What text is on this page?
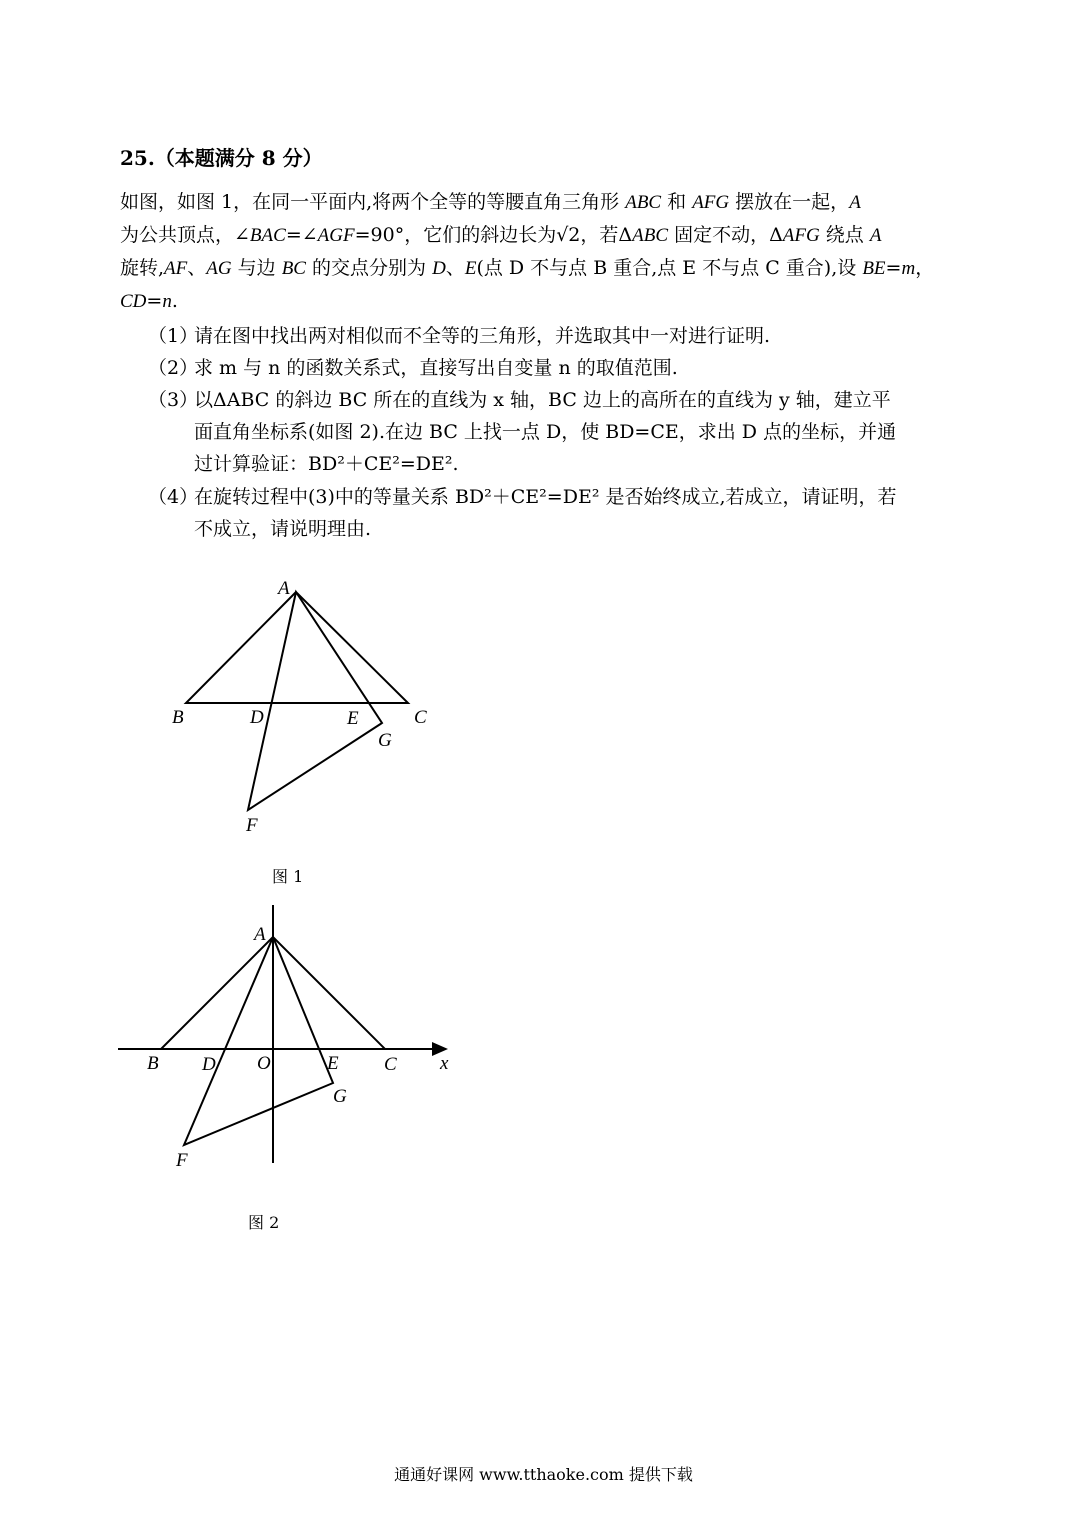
25.（本题满分 8 分）
如图，如图 1，在同一平面内,将两个全等的等腰直角三角形 ABC 和 AFG 摆放在一起，A
为公共顶点，∠BAC=∠AGF=90°，它们的斜边长为√2，若ΔABC 固定不动，ΔAFG 绕点 A
旋转,AF、AG 与边 BC 的交点分别为 D、E(点 D 不与点 B 重合,点 E 不与点 C 重合),设 BE=m，
CD=n.
（1）请在图中找出两对相似而不全等的三角形，并选取其中一对进行证明.
（2）求 m 与 n 的函数关系式，直接写出自变量 n 的取值范围.
（3）以ΔABC 的斜边 BC 所在的直线为 x 轴，BC 边上的高所在的直线为 y 轴，建立平
面直角坐标系(如图 2).在边 BC 上找一点 D，使 BD=CE，求出 D 点的坐标，并通
过计算验证：BD²＋CE²=DE².
（4）在旋转过程中(3)中的等量关系 BD²＋CE²=DE² 是否始终成立,若成立，请证明，若
不成立，请说明理由.
A
B	C
D	E
F
G
图 1
A
B	C
D O	E	x
F
G
图 2
通通好课网 www.tthaoke.com 提供下载
